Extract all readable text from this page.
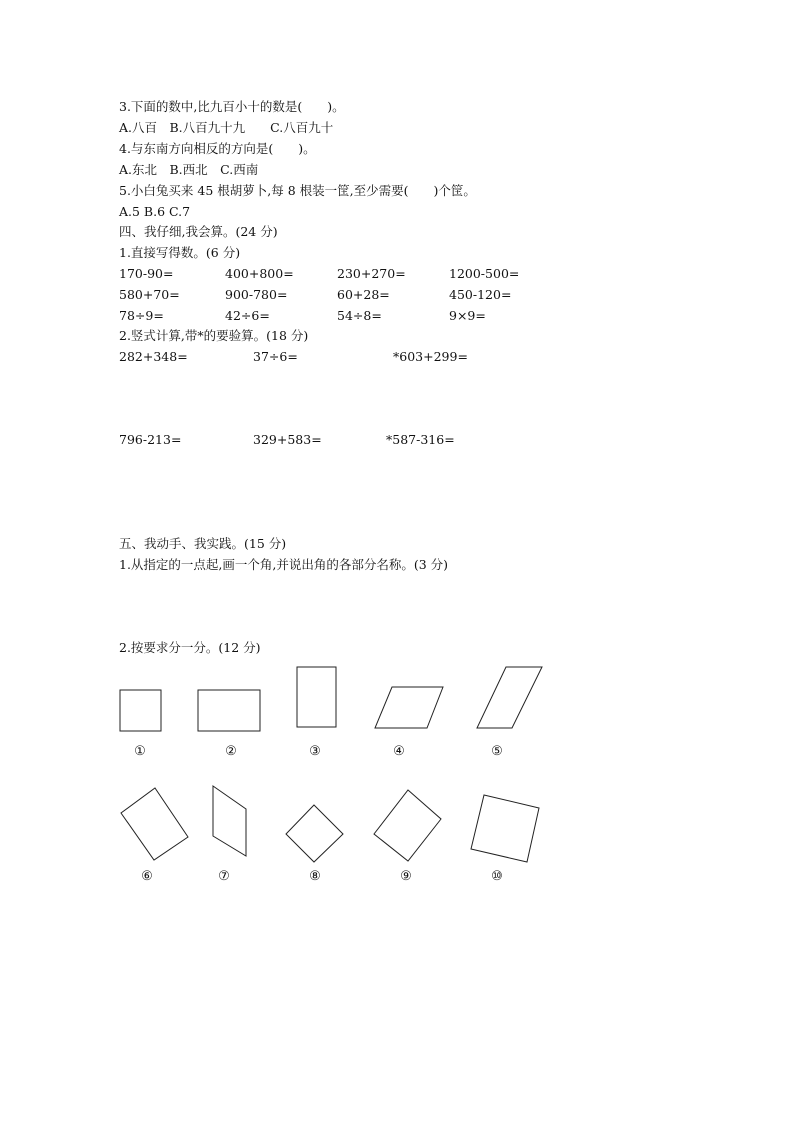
3.下面的数中,比九百小十的数是(　　)。
A.八百　B.八百九十九　　C.八百九十
4.与东南方向相反的方向是(　　)。
A.东北　B.西北　C.西南
5.小白兔买来 45 根胡萝卜,每 8 根装一筐,至少需要(　　)个筐。
A.5 B.6 C.7
四、我仔细,我会算。(24 分)
1.直接写得数。(6 分)
170-90=	400+800=	230+270=	1200-500=
580+70=	900-780=	60+28=	450-120=
78÷9=	42÷6=	54÷8=	9×9=
2.竖式计算,带*的要验算。(18 分)
282+348=	37÷6=	*603+299=
796-213=	329+583=	*587-316=
五、我动手、我实践。(15 分)
1.从指定的一点起,画一个角,并说出角的各部分名称。(3 分)
2.按要求分一分。(12 分)
①	②	③	④	⑤
⑥	⑦	⑧	⑨	⑩
